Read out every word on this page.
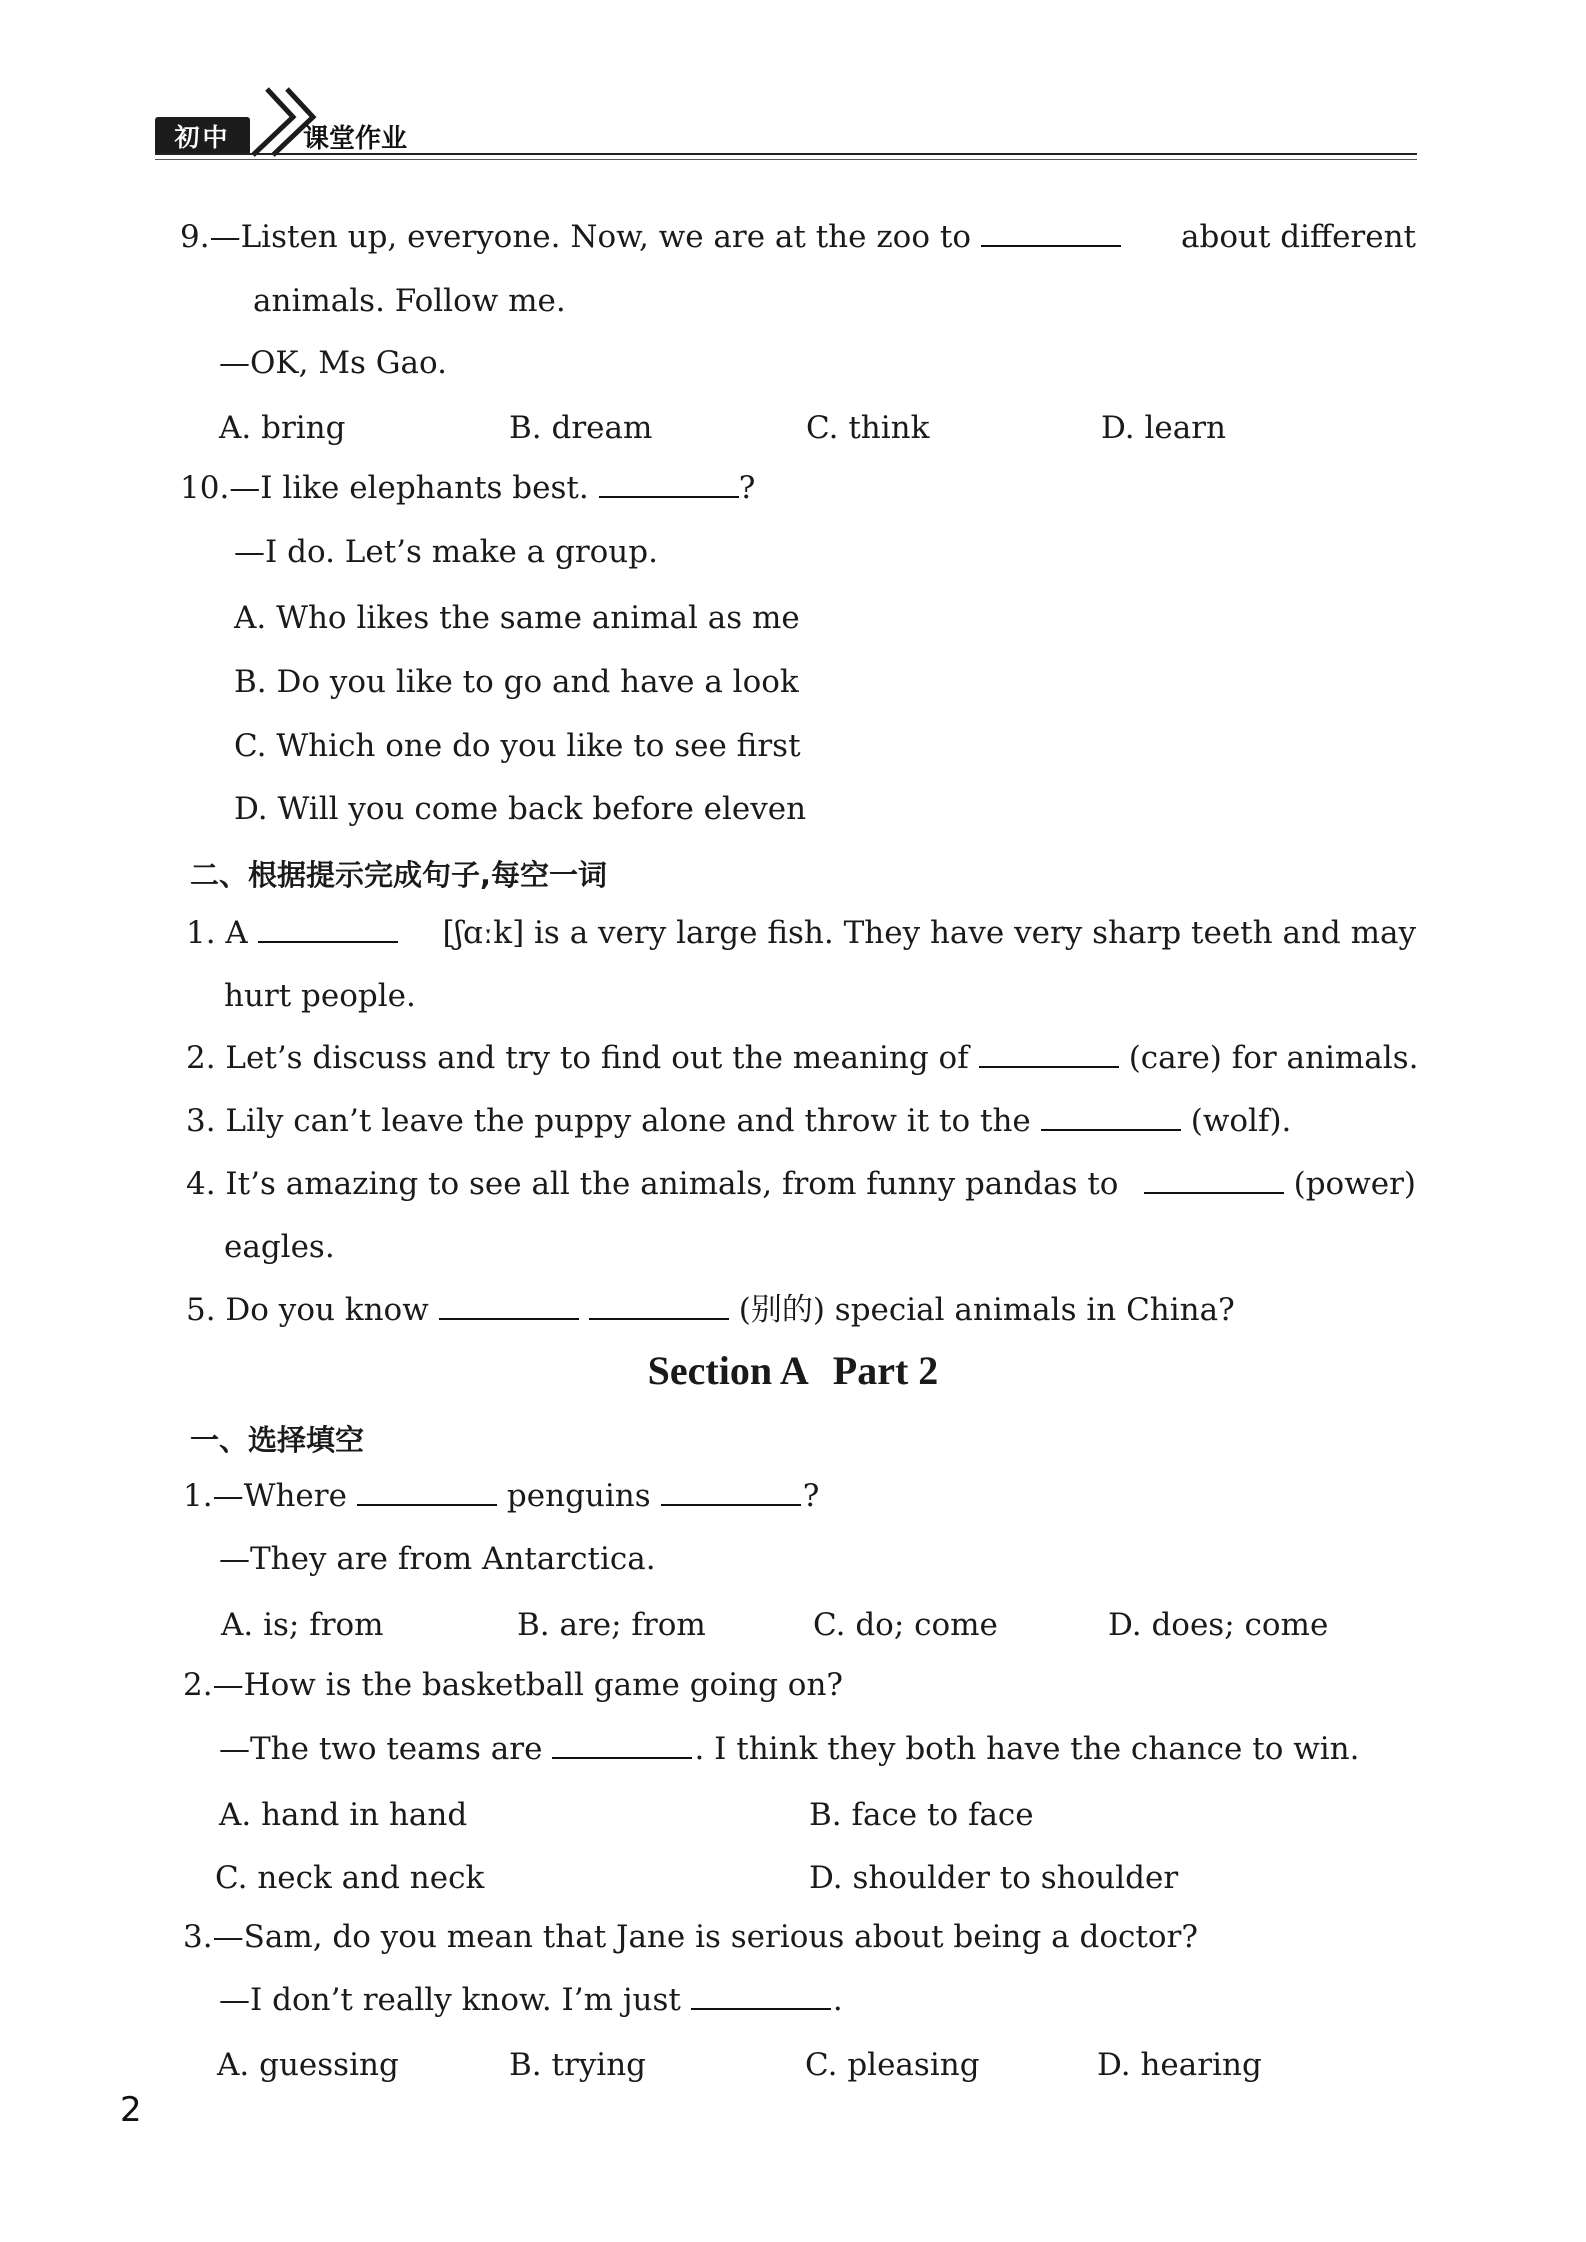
初中	课堂作业
9.—Listen up, everyone. Now, we are at the zoo to	about different
animals. Follow me.
—OK, Ms Gao.
A. bring	B. dream	C. think	D. learn
10.—I like elephants best.	?
—I do. Let’s make a group.
A. Who likes the same animal as me
B. Do you like to go and have a look
C. Which one do you like to see first
D. Will you come back before eleven
二、根据提示完成句子,每空一词
1. A	[ʃɑːk] is a very large fish. They have very sharp teeth and may
hurt people.
2. Let’s discuss and try to find out the meaning of	(care) for animals.
3. Lily can’t leave the puppy alone and throw it to the	(wolf).
4. It’s amazing to see all the animals, from funny pandas to	(power)
eagles.
5. Do you know	(别的) special animals in China?
Section A Part 2
一、选择填空
1.—Where	penguins	?
—They are from Antarctica.
A. is; from	B. are; from	C. do; come	D. does; come
2.—How is the basketball game going on?
—The two teams are	. I think they both have the chance to win.
A. hand in hand	B. face to face
C. neck and neck	D. shoulder to shoulder
3.—Sam, do you mean that Jane is serious about being a doctor?
—I don’t really know. I’m just	.
A. guessing	B. trying	C. pleasing	D. hearing
2
